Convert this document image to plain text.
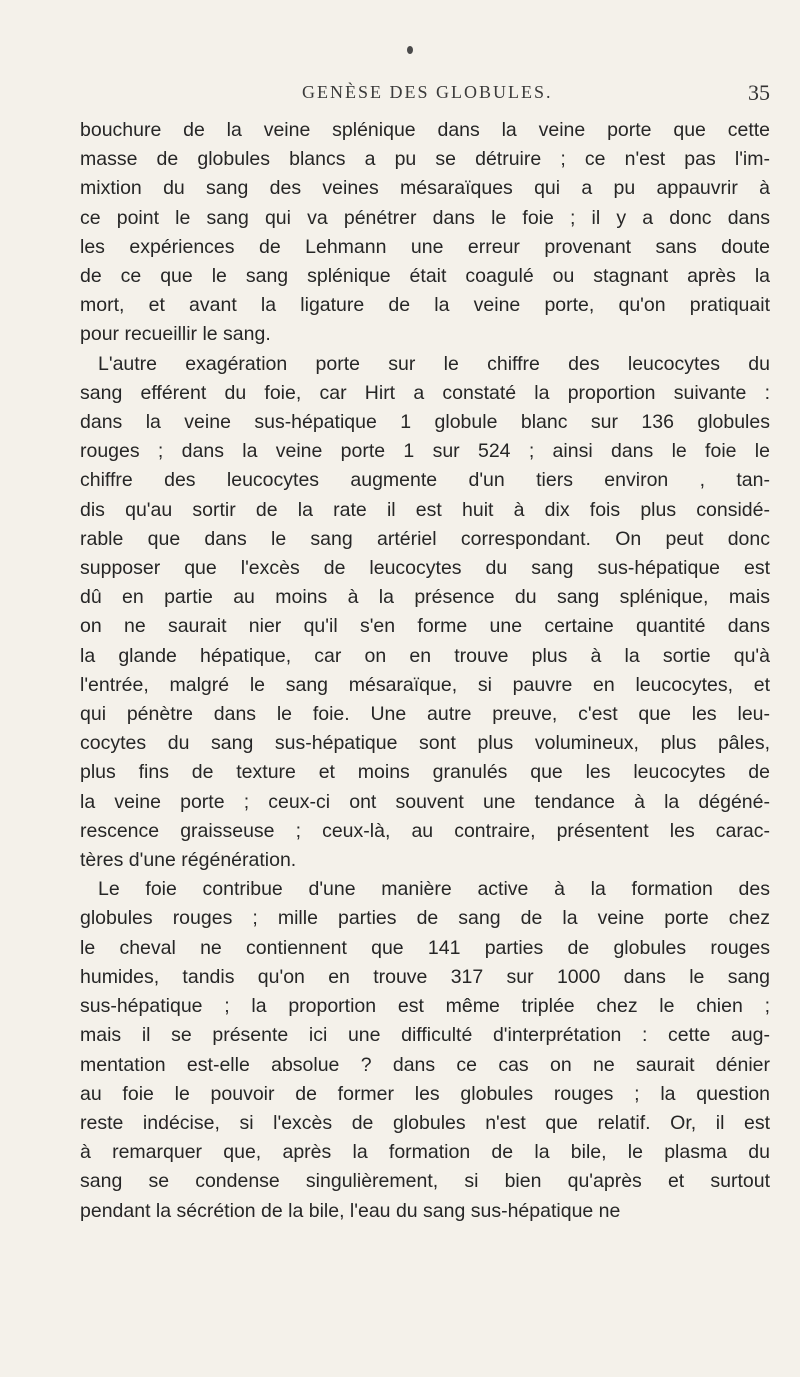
GENÈSE DES GLOBULES.	35
bouchure de la veine splénique dans la veine porte que cette
masse de globules blancs a pu se détruire ; ce n'est pas l'im-
mixtion du sang des veines mésaraïques qui a pu appauvrir à
ce point le sang qui va pénétrer dans le foie ; il y a donc dans
les expériences de Lehmann une erreur provenant sans doute
de ce que le sang splénique était coagulé ou stagnant après la
mort, et avant la ligature de la veine porte, qu'on pratiquait
pour recueillir le sang.
L'autre exagération porte sur le chiffre des leucocytes du
sang efférent du foie, car Hirt a constaté la proportion suivante :
dans la veine sus-hépatique 1 globule blanc sur 136 globules
rouges ; dans la veine porte 1 sur 524 ; ainsi dans le foie le
chiffre des leucocytes augmente d'un tiers environ , tan-
dis qu'au sortir de la rate il est huit à dix fois plus considé-
rable que dans le sang artériel correspondant. On peut donc
supposer que l'excès de leucocytes du sang sus-hépatique est
dû en partie au moins à la présence du sang splénique, mais
on ne saurait nier qu'il s'en forme une certaine quantité dans
la glande hépatique, car on en trouve plus à la sortie qu'à
l'entrée, malgré le sang mésaraïque, si pauvre en leucocytes, et
qui pénètre dans le foie. Une autre preuve, c'est que les leu-
cocytes du sang sus-hépatique sont plus volumineux, plus pâles,
plus fins de texture et moins granulés que les leucocytes de
la veine porte ; ceux-ci ont souvent une tendance à la dégéné-
rescence graisseuse ; ceux-là, au contraire, présentent les carac-
tères d'une régénération.
Le foie contribue d'une manière active à la formation des
globules rouges ; mille parties de sang de la veine porte chez
le cheval ne contiennent que 141 parties de globules rouges
humides, tandis qu'on en trouve 317 sur 1000 dans le sang
sus-hépatique ; la proportion est même triplée chez le chien ;
mais il se présente ici une difficulté d'interprétation : cette aug-
mentation est-elle absolue ? dans ce cas on ne saurait dénier
au foie le pouvoir de former les globules rouges ; la question
reste indécise, si l'excès de globules n'est que relatif. Or, il est
à remarquer que, après la formation de la bile, le plasma du
sang se condense singulièrement, si bien qu'après et surtout
pendant la sécrétion de la bile, l'eau du sang sus-hépatique ne
